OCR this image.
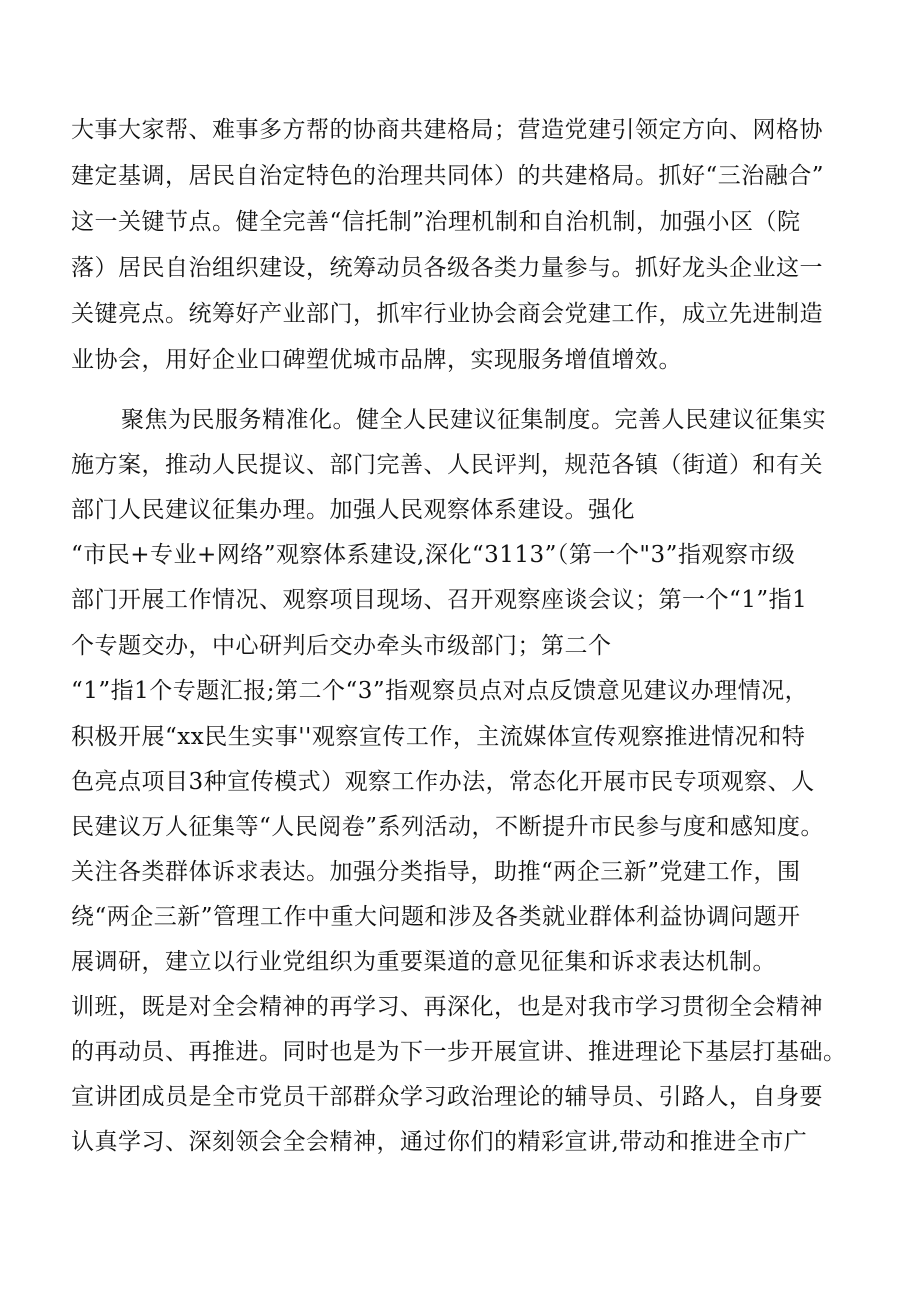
大事大家帮、难事多方帮的协商共建格局；营造党建引领定方向、网格协
建定基调，居民自治定特色的治理共同体）的共建格局。抓好“三治融合”
这一关键节点。健全完善“信托制”治理机制和自治机制，加强小区（院
落）居民自治组织建设，统筹动员各级各类力量参与。抓好龙头企业这一
关键亮点。统筹好产业部门，抓牢行业协会商会党建工作，成立先进制造
业协会，用好企业口碑塑优城市品牌，实现服务增值增效。
聚焦为民服务精准化。健全人民建议征集制度。完善人民建议征集实
施方案，推动人民提议、部门完善、人民评判，规范各镇（街道）和有关
部门人民建议征集办理。加强人民观察体系建设。强化
“市民+专业+网络”观察体系建设,深化“3113”（第一个"3”指观察市级
部门开展工作情况、观察项目现场、召开观察座谈会议；第一个“1”指1
个专题交办，中心研判后交办牵头市级部门；第二个
“1”指1个专题汇报;第二个“3”指观察员点对点反馈意见建议办理情况，
积极开展“xx民生实事''观察宣传工作，主流媒体宣传观察推进情况和特
色亮点项目3种宣传模式）观察工作办法，常态化开展市民专项观察、人
民建议万人征集等“人民阅卷”系列活动，不断提升市民参与度和感知度。
关注各类群体诉求表达。加强分类指导，助推“两企三新”党建工作，围
绕“两企三新”管理工作中重大问题和涉及各类就业群体利益协调问题开
展调研，建立以行业党组织为重要渠道的意见征集和诉求表达机制。
训班，既是对全会精神的再学习、再深化，也是对我市学习贯彻全会精神
的再动员、再推进。同时也是为下一步开展宣讲、推进理论下基层打基础。
宣讲团成员是全市党员干部群众学习政治理论的辅导员、引路人，自身要
认真学习、深刻领会全会精神，通过你们的精彩宣讲,带动和推进全市广
